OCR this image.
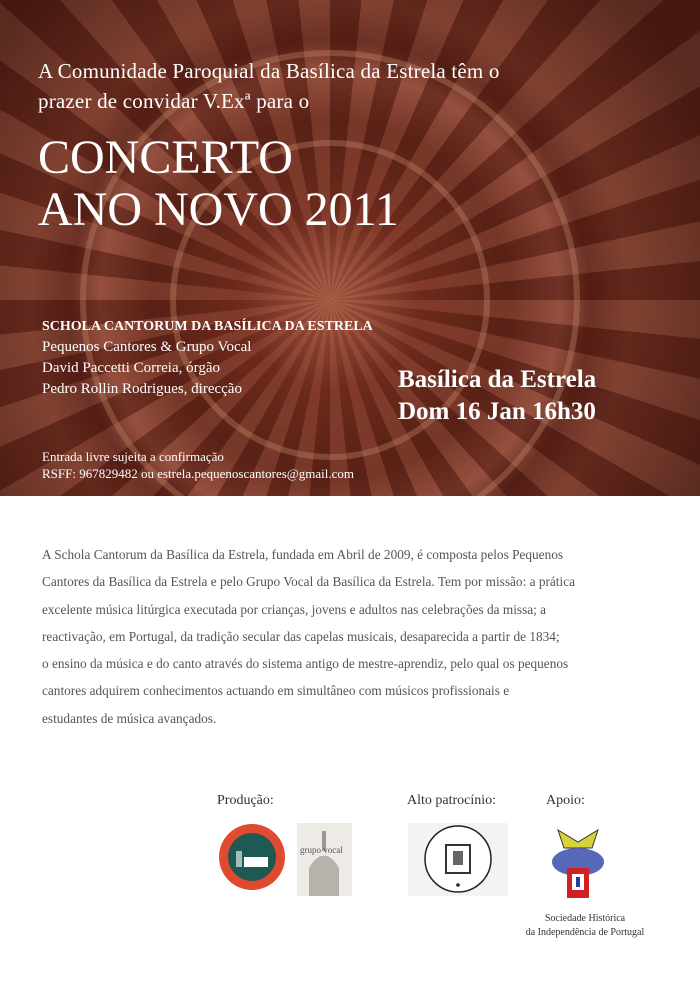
A Comunidade Paroquial da Basílica da Estrela têm o
prazer de convidar V.Exª para o
CONCERTO
ANO NOVO 2011
SCHOLA CANTORUM DA BASÍLICA DA ESTRELA
Pequenos Cantores & Grupo Vocal
David Paccetti Correia, órgão
Pedro Rollin Rodrigues, direcção	Basílica da Estrela
Dom 16 Jan 16h30
Entrada livre sujeita a confirmação
RSFF: 967829482 ou estrela.pequenoscantores@gmail.com
A Schola Cantorum da Basílica da Estrela, fundada em Abril de 2009, é composta pelos Pequenos
Cantores da Basílica da Estrela e pelo Grupo Vocal da Basílica da Estrela. Tem por missão: a prática
excelente música litúrgica executada por crianças, jovens e adultos nas celebrações da missa; a
reactivação, em Portugal, da tradição secular das capelas musicais, desaparecida a partir de 1834;
o ensino da música e do canto através do sistema antigo de mestre-aprendiz, pelo qual os pequenos
cantores adquirem conhecimentos actuando em simultâneo com músicos profissionais e
estudantes de música avançados.
Produção:	Alto patrocínio:	Apoio:
grupo vocal
Sociedade Histórica
da Independência de Portugal
